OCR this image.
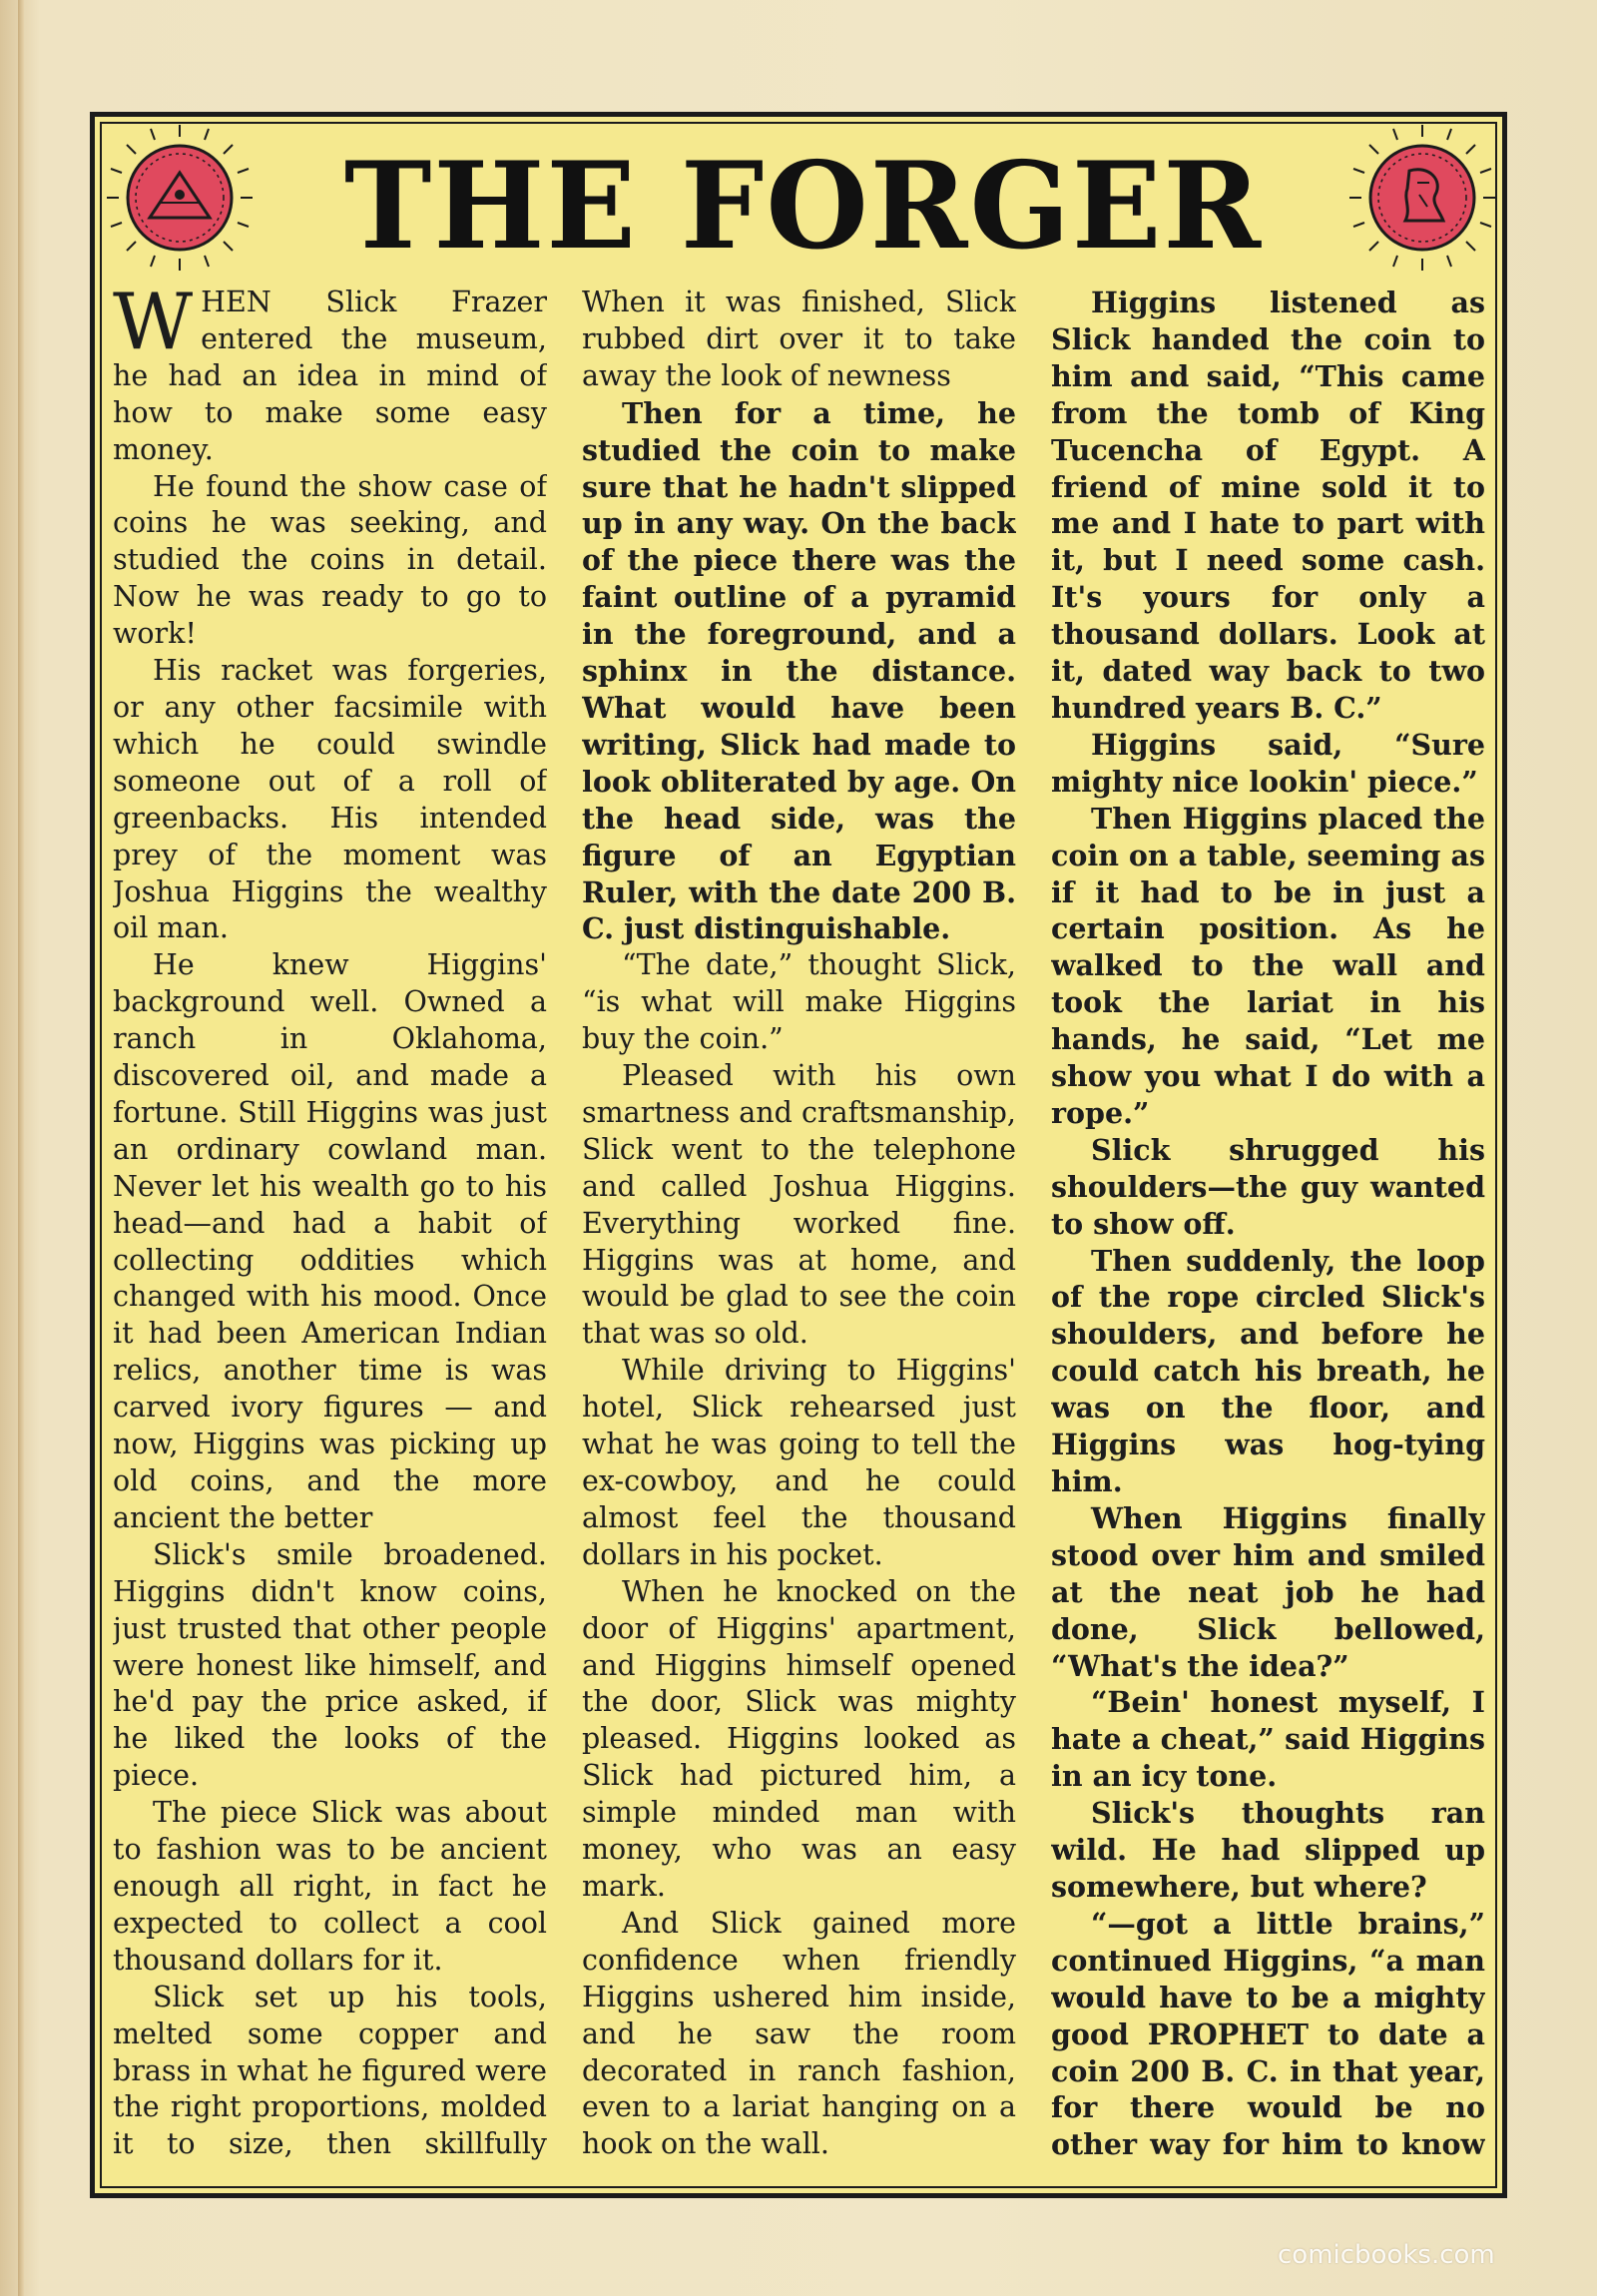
THE FORGER

WHEN Slick Frazer entered the museum, he had an idea in mind of how to make some easy money.

He found the show case of coins he was seeking, and studied the coins in detail. Now he was ready to go to work!

His racket was forgeries, or any other facsimile with which he could swindle someone out of a roll of greenbacks. His intended prey of the moment was Joshua Higgins the wealthy oil man.

He knew Higgins' background well. Owned a ranch in Oklahoma, discovered oil, and made a fortune. Still Higgins was just an ordinary cowland man. Never let his wealth go to his head—and had a habit of collecting oddities which changed with his mood. Once it had been American Indian relics, another time is was carved ivory figures — and now, Higgins was picking up old coins, and the more ancient the better

Slick's smile broadened. Higgins didn't know coins, just trusted that other people were honest like himself, and he'd pay the price asked, if he liked the looks of the piece.

The piece Slick was about to fashion was to be ancient enough all right, in fact he expected to collect a cool thousand dollars for it.

Slick set up his tools, melted some copper and brass in what he figured were the right proportions, molded it to size, then skillfully

When it was finished, Slick rubbed dirt over it to take away the look of newness

Then for a time, he studied the coin to make sure that he hadn't slipped up in any way. On the back of the piece there was the faint outline of a pyramid in the foreground, and a sphinx in the distance. What would have been writing, Slick had made to look obliterated by age. On the head side, was the figure of an Egyptian Ruler, with the date 200 B. C. just distinguishable.

“The date,” thought Slick, “is what will make Higgins buy the coin.”

Pleased with his own smartness and craftsmanship, Slick went to the telephone and called Joshua Higgins. Everything worked fine. Higgins was at home, and would be glad to see the coin that was so old.

While driving to Higgins' hotel, Slick rehearsed just what he was going to tell the ex-cowboy, and he could almost feel the thousand dollars in his pocket.

When he knocked on the door of Higgins' apartment, and Higgins himself opened the door, Slick was mighty pleased. Higgins looked as Slick had pictured him, a simple minded man with money, who was an easy mark.

And Slick gained more confidence when friendly Higgins ushered him inside, and he saw the room decorated in ranch fashion, even to a lariat hanging on a hook on the wall.

Higgins listened as Slick handed the coin to him and said, “This came from the tomb of King Tucencha of Egypt. A friend of mine sold it to me and I hate to part with it, but I need some cash. It's yours for only a thousand dollars. Look at it, dated way back to two hundred years B. C.”

Higgins said, “Sure mighty nice lookin' piece.”

Then Higgins placed the coin on a table, seeming as if it had to be in just a certain position. As he walked to the wall and took the lariat in his hands, he said, “Let me show you what I do with a rope.”

Slick shrugged his shoulders—the guy wanted to show off.

Then suddenly, the loop of the rope circled Slick's shoulders, and before he could catch his breath, he was on the floor, and Higgins was hog-tying him.

When Higgins finally stood over him and smiled at the neat job he had done, Slick bellowed, “What's the idea?”

“Bein' honest myself, I hate a cheat,” said Higgins in an icy tone.

Slick's thoughts ran wild. He had slipped up somewhere, but where?

“—got a little brains,” continued Higgins, “a man would have to be a mighty good PROPHET to date a coin 200 B. C. in that year, for there would be no other way for him to know

comicbooks.com
